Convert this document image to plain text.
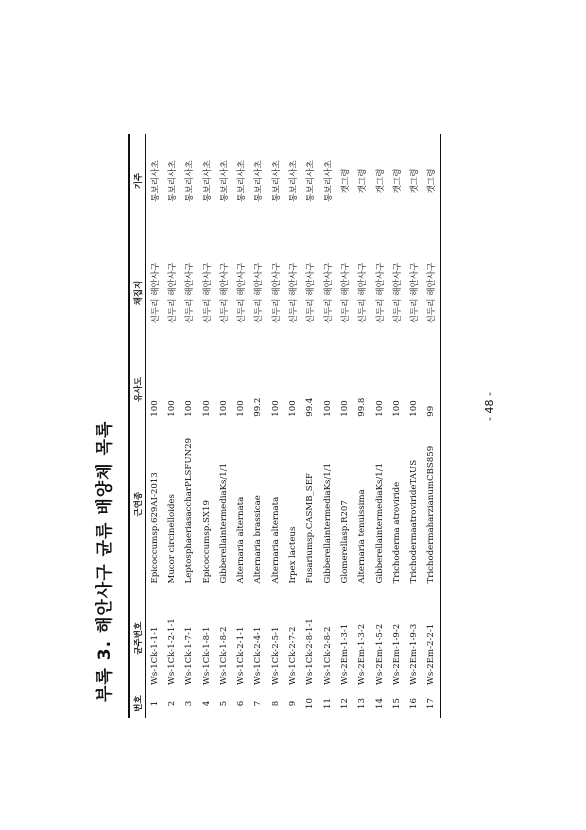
부록 3. 해안사구 균류 배양체 목록
번호	균주번호	근연종	유사도	채집지	기주
1	Ws-1Ck-1-1-1	Epicoccumsp.629AI-2013	100	신두리 해안사구	통보리사초
2	Ws-1Ck-1-2-1-1	Mucor circinelloides	100	신두리 해안사구	통보리사초
3	Ws-1Ck-1-7-1	LeptosphaeriasaccharPLSFUN29	100	신두리 해안사구	통보리사초
4	Ws-1Ck-1-8-1	Epicoccumsp.SX19	100	신두리 해안사구	통보리사초
5	Ws-1Ck-1-8-2	GibberellaintermediaKs/1/1	100	신두리 해안사구	통보리사초
6	Ws-1Ck-2-1-1	Alternaria alternata	100	신두리 해안사구	통보리사초
7	Ws-1Ck-2-4-1	Alternaria brassicae	99.2	신두리 해안사구	통보리사초
8	Ws-1Ck-2-5-1	Alternaria alternata	100	신두리 해안사구	통보리사초
9	Ws-1Ck-2-7-2	Irpex lacteus	100	신두리 해안사구	통보리사초
10	Ws-1Ck-2-8-1-1	Fusariumsp.CASMB_SEF	99.4	신두리 해안사구	통보리사초
11	Ws-1Ck-2-8-2	GibberellaintermediaKs/1/1	100	신두리 해안사구	통보리사초
12	Ws-2Em-1-3-1	Glomerellasp.R207	100	신두리 해안사구	갯그령
13	Ws-2Em-1-3-2	Alternaria tenuissima	99.8	신두리 해안사구	갯그령
14	Ws-2Em-1-5-2	GibberellaintermediaKs/1/1	100	신두리 해안사구	갯그령
15	Ws-2Em-1-9-2	Trichoderma atroviride	100	신두리 해안사구	갯그령
16	Ws-2Em-1-9-3	TrichodermaatrovirideTAUS	100	신두리 해안사구	갯그령
17	Ws-2Em-2-2-1	TrichodermaharzianumCBS859	99	신두리 해안사구	갯그령
- 48 -
